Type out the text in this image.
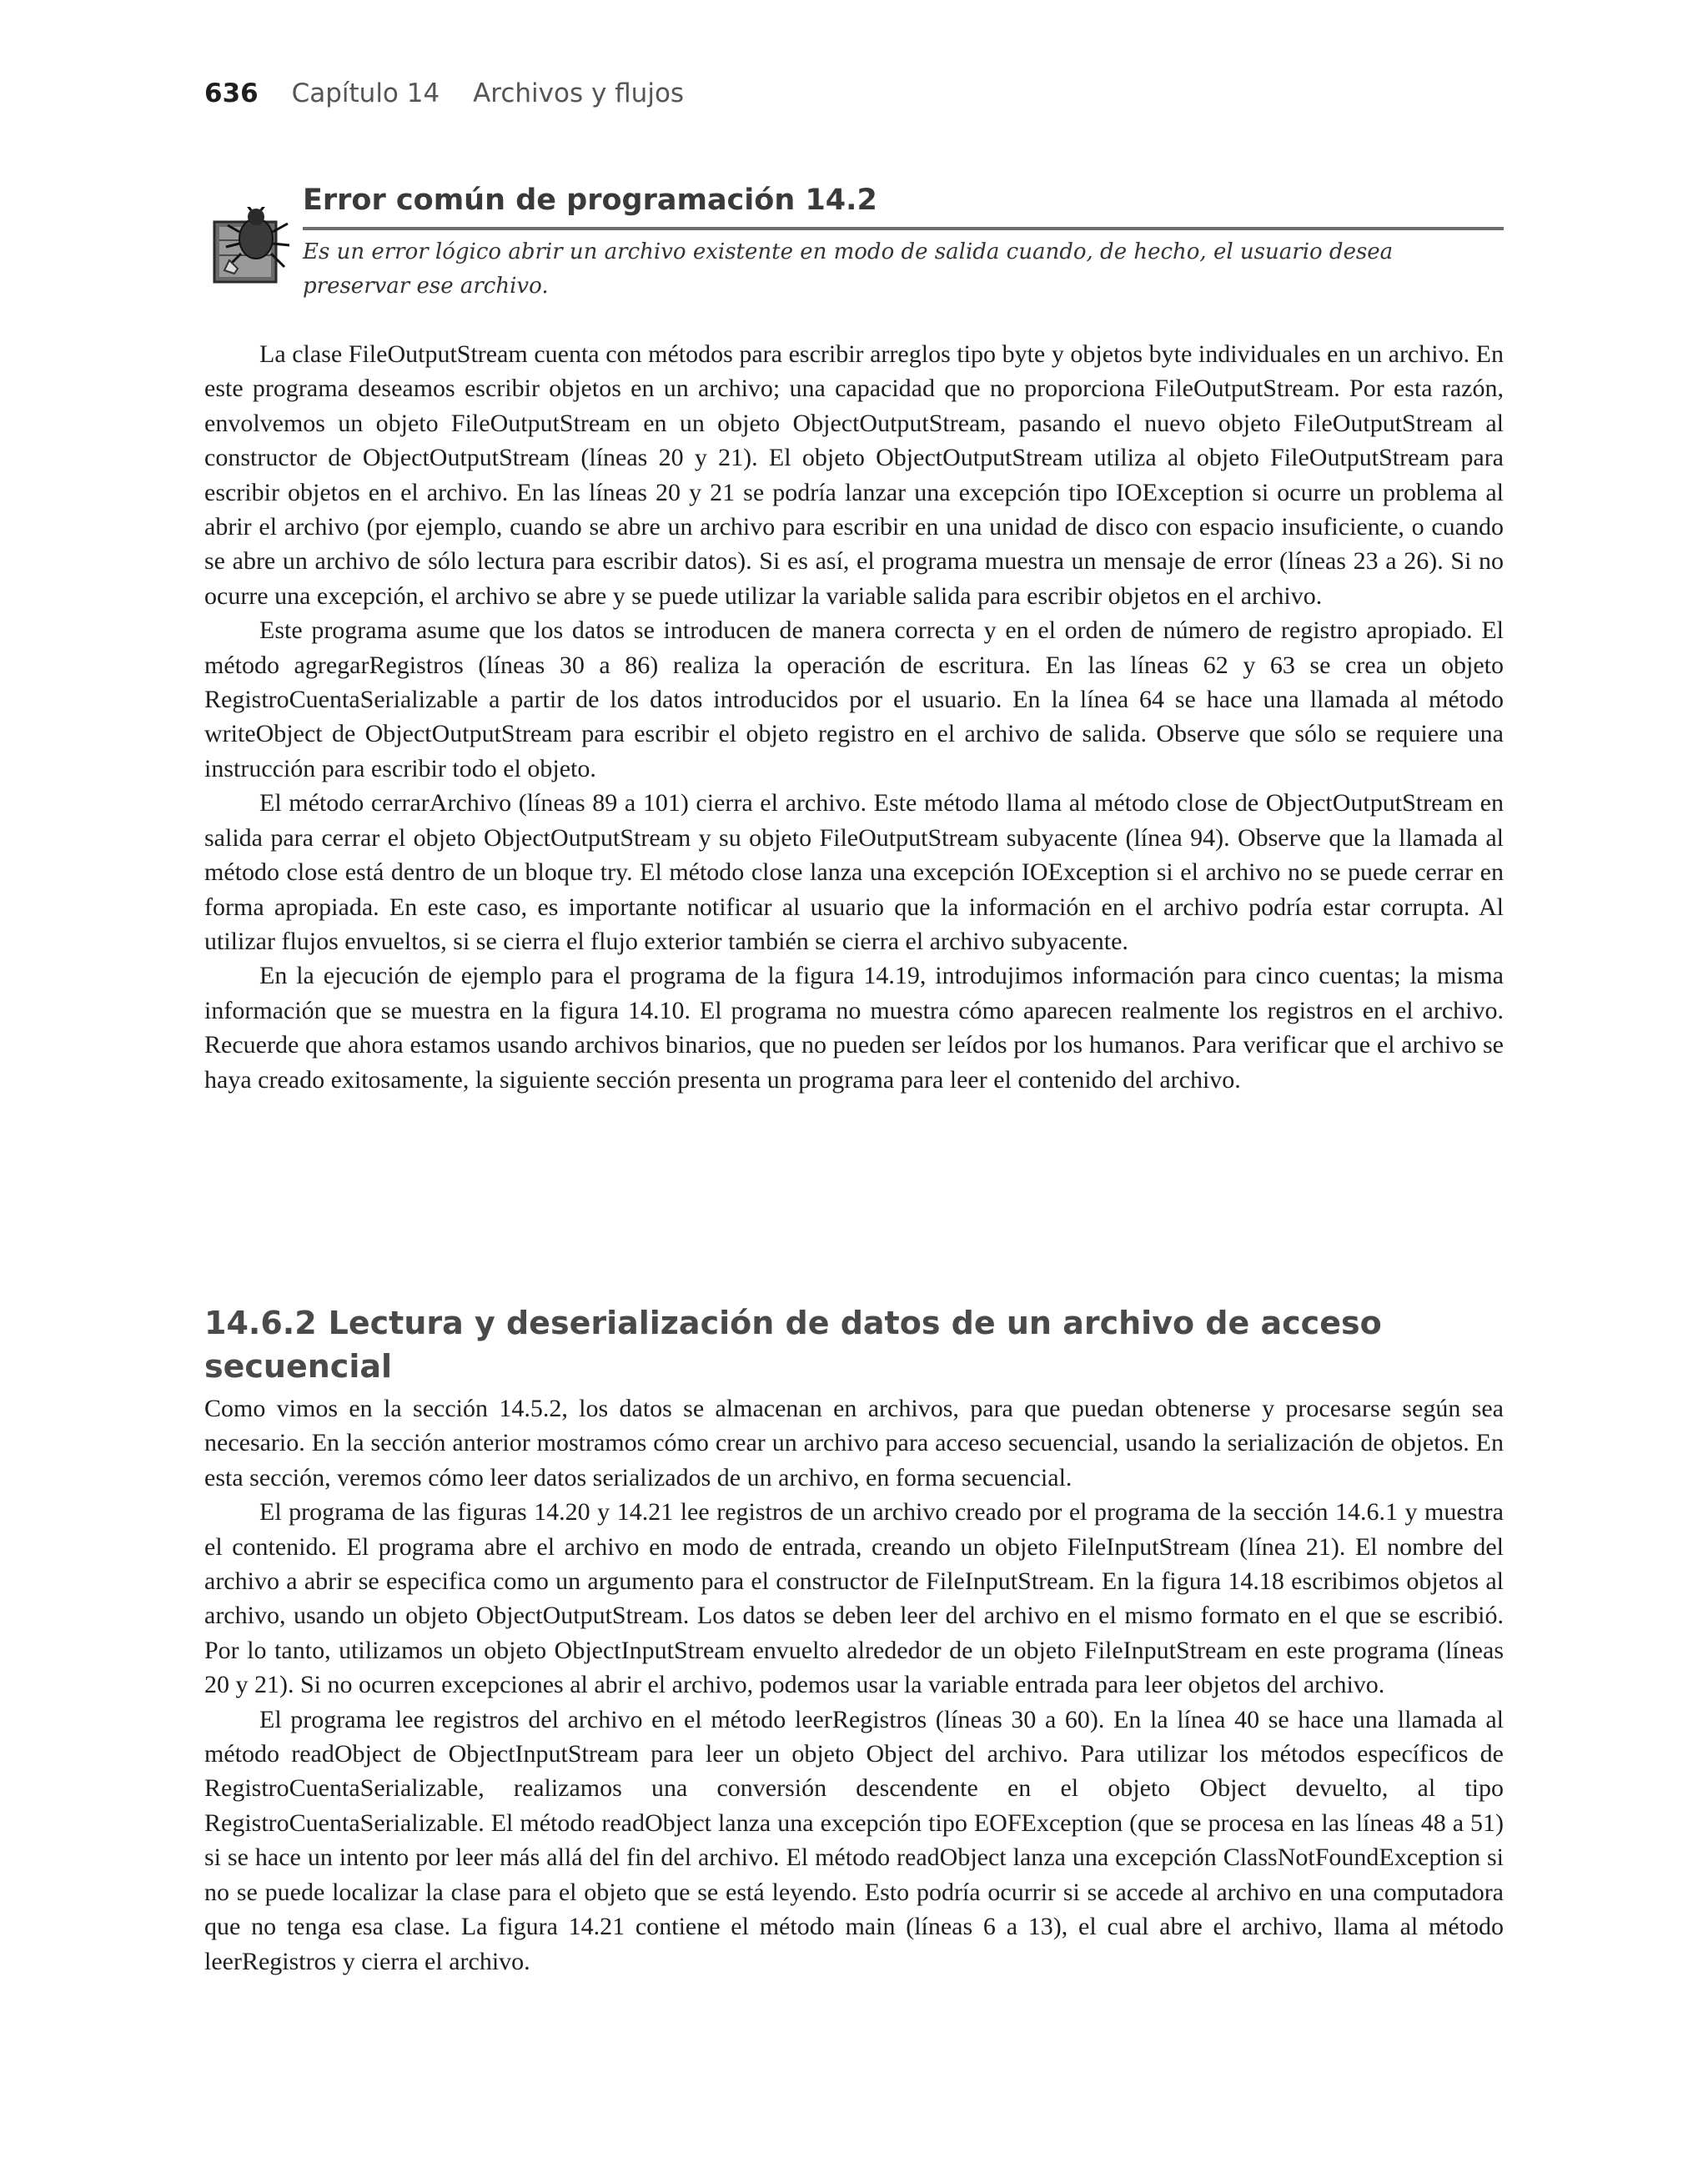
636 Capítulo 14 Archivos y flujos
Error común de programación 14.2

Es un error lógico abrir un archivo existente en modo de salida cuando, de hecho, el usuario desea preservar ese archivo.

La clase FileOutputStream cuenta con métodos para escribir arreglos tipo byte y objetos byte individuales en un archivo. En este programa deseamos escribir objetos en un archivo; una capacidad que no proporciona FileOutputStream. Por esta razón, envolvemos un objeto FileOutputStream en un objeto ObjectOutputStream, pasando el nuevo objeto FileOutputStream al constructor de ObjectOutputStream (líneas 20 y 21). El objeto ObjectOutputStream utiliza al objeto FileOutputStream para escribir objetos en el archivo. En las líneas 20 y 21 se podría lanzar una excepción tipo IOException si ocurre un problema al abrir el archivo (por ejemplo, cuando se abre un archivo para escribir en una unidad de disco con espacio insuficiente, o cuando se abre un archivo de sólo lectura para escribir datos). Si es así, el programa muestra un mensaje de error (líneas 23 a 26). Si no ocurre una excepción, el archivo se abre y se puede utilizar la variable salida para escribir objetos en el archivo.

Este programa asume que los datos se introducen de manera correcta y en el orden de número de registro apropiado. El método agregarRegistros (líneas 30 a 86) realiza la operación de escritura. En las líneas 62 y 63 se crea un objeto RegistroCuentaSerializable a partir de los datos introducidos por el usuario. En la línea 64 se hace una llamada al método writeObject de ObjectOutputStream para escribir el objeto registro en el archivo de salida. Observe que sólo se requiere una instrucción para escribir todo el objeto.

El método cerrarArchivo (líneas 89 a 101) cierra el archivo. Este método llama al método close de ObjectOutputStream en salida para cerrar el objeto ObjectOutputStream y su objeto FileOutputStream subyacente (línea 94). Observe que la llamada al método close está dentro de un bloque try. El método close lanza una excepción IOException si el archivo no se puede cerrar en forma apropiada. En este caso, es importante notificar al usuario que la información en el archivo podría estar corrupta. Al utilizar flujos envueltos, si se cierra el flujo exterior también se cierra el archivo subyacente.

En la ejecución de ejemplo para el programa de la figura 14.19, introdujimos información para cinco cuentas; la misma información que se muestra en la figura 14.10. El programa no muestra cómo aparecen realmente los registros en el archivo. Recuerde que ahora estamos usando archivos binarios, que no pueden ser leídos por los humanos. Para verificar que el archivo se haya creado exitosamente, la siguiente sección presenta un programa para leer el contenido del archivo.

14.6.2 Lectura y deserialización de datos de un archivo de acceso secuencial

Como vimos en la sección 14.5.2, los datos se almacenan en archivos, para que puedan obtenerse y procesarse según sea necesario. En la sección anterior mostramos cómo crear un archivo para acceso secuencial, usando la serialización de objetos. En esta sección, veremos cómo leer datos serializados de un archivo, en forma secuencial.

El programa de las figuras 14.20 y 14.21 lee registros de un archivo creado por el programa de la sección 14.6.1 y muestra el contenido. El programa abre el archivo en modo de entrada, creando un objeto FileInputStream (línea 21). El nombre del archivo a abrir se especifica como un argumento para el constructor de FileInputStream. En la figura 14.18 escribimos objetos al archivo, usando un objeto ObjectOutputStream. Los datos se deben leer del archivo en el mismo formato en el que se escribió. Por lo tanto, utilizamos un objeto ObjectInputStream envuelto alrededor de un objeto FileInputStream en este programa (líneas 20 y 21). Si no ocurren excepciones al abrir el archivo, podemos usar la variable entrada para leer objetos del archivo.

El programa lee registros del archivo en el método leerRegistros (líneas 30 a 60). En la línea 40 se hace una llamada al método readObject de ObjectInputStream para leer un objeto Object del archivo. Para utilizar los métodos específicos de RegistroCuentaSerializable, realizamos una conversión descendente en el objeto Object devuelto, al tipo RegistroCuentaSerializable. El método readObject lanza una excepción tipo EOFException (que se procesa en las líneas 48 a 51) si se hace un intento por leer más allá del fin del archivo. El método readObject lanza una excepción ClassNotFoundException si no se puede localizar la clase para el objeto que se está leyendo. Esto podría ocurrir si se accede al archivo en una computadora que no tenga esa clase. La figura 14.21 contiene el método main (líneas 6 a 13), el cual abre el archivo, llama al método leerRegistros y cierra el archivo.
